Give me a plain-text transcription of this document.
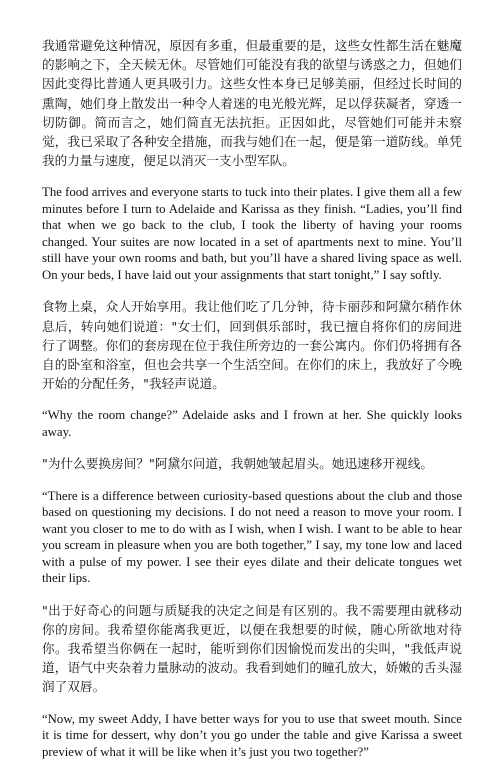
我通常避免这种情况，原因有多重，但最重要的是，这些女性都生活在魅魔的影响之下，全天候无休。尽管她们可能没有我的欲望与诱惑之力，但她们因此变得比普通人更具吸引力。这些女性本身已足够美丽，但经过长时间的熏陶，她们身上散发出一种令人着迷的电光般光辉，足以俘获凝者，穿透一切防御。简而言之，她们简直无法抗拒。正因如此，尽管她们可能并未察觉，我已采取了各种安全措施，而我与她们在一起，便是第一道防线。单凭我的力量与速度，便足以消灭一支小型军队。

The food arrives and everyone starts to tuck into their plates. I give them all a few minutes before I turn to Adelaide and Karissa as they finish. “Ladies, you’ll find that when we go back to the club, I took the liberty of having your rooms changed. Your suites are now located in a set of apartments next to mine. You’ll still have your own rooms and bath, but you’ll have a shared living space as well. On your beds, I have laid out your assignments that start tonight,” I say softly.

食物上桌，众人开始享用。我让他们吃了几分钟，待卡丽莎和阿黛尔稍作休息后，转向她们说道："女士们，回到俱乐部时，我已擅自将你们的房间进行了调整。你们的套房现在位于我住所旁边的一套公寓内。你们仍将拥有各自的卧室和浴室，但也会共享一个生活空间。在你们的床上，我放好了今晚开始的分配任务，"我轻声说道。

“Why the room change?” Adelaide asks and I frown at her. She quickly looks away.

"为什么要换房间？"阿黛尔问道，我朝她皱起眉头。她迅速移开视线。

“There is a difference between curiosity-based questions about the club and those based on questioning my decisions. I do not need a reason to move your room. I want you closer to me to do with as I wish, when I wish. I want to be able to hear you scream in pleasure when you are both together,” I say, my tone low and laced with a pulse of my power. I see their eyes dilate and their delicate tongues wet their lips.

"出于好奇心的问题与质疑我的决定之间是有区别的。我不需要理由就移动你的房间。我希望你能离我更近，以便在我想要的时候，随心所欲地对待你。我希望当你俩在一起时，能听到你们因愉悦而发出的尖叫，"我低声说道，语气中夹杂着力量脉动的波动。我看到她们的瞳孔放大，娇嫩的舌头湿润了双唇。

“Now, my sweet Addy, I have better ways for you to use that sweet mouth. Since it is time for dessert, why don’t you go under the table and give Karissa a sweet preview of what it will be like when it’s just you two together?”
